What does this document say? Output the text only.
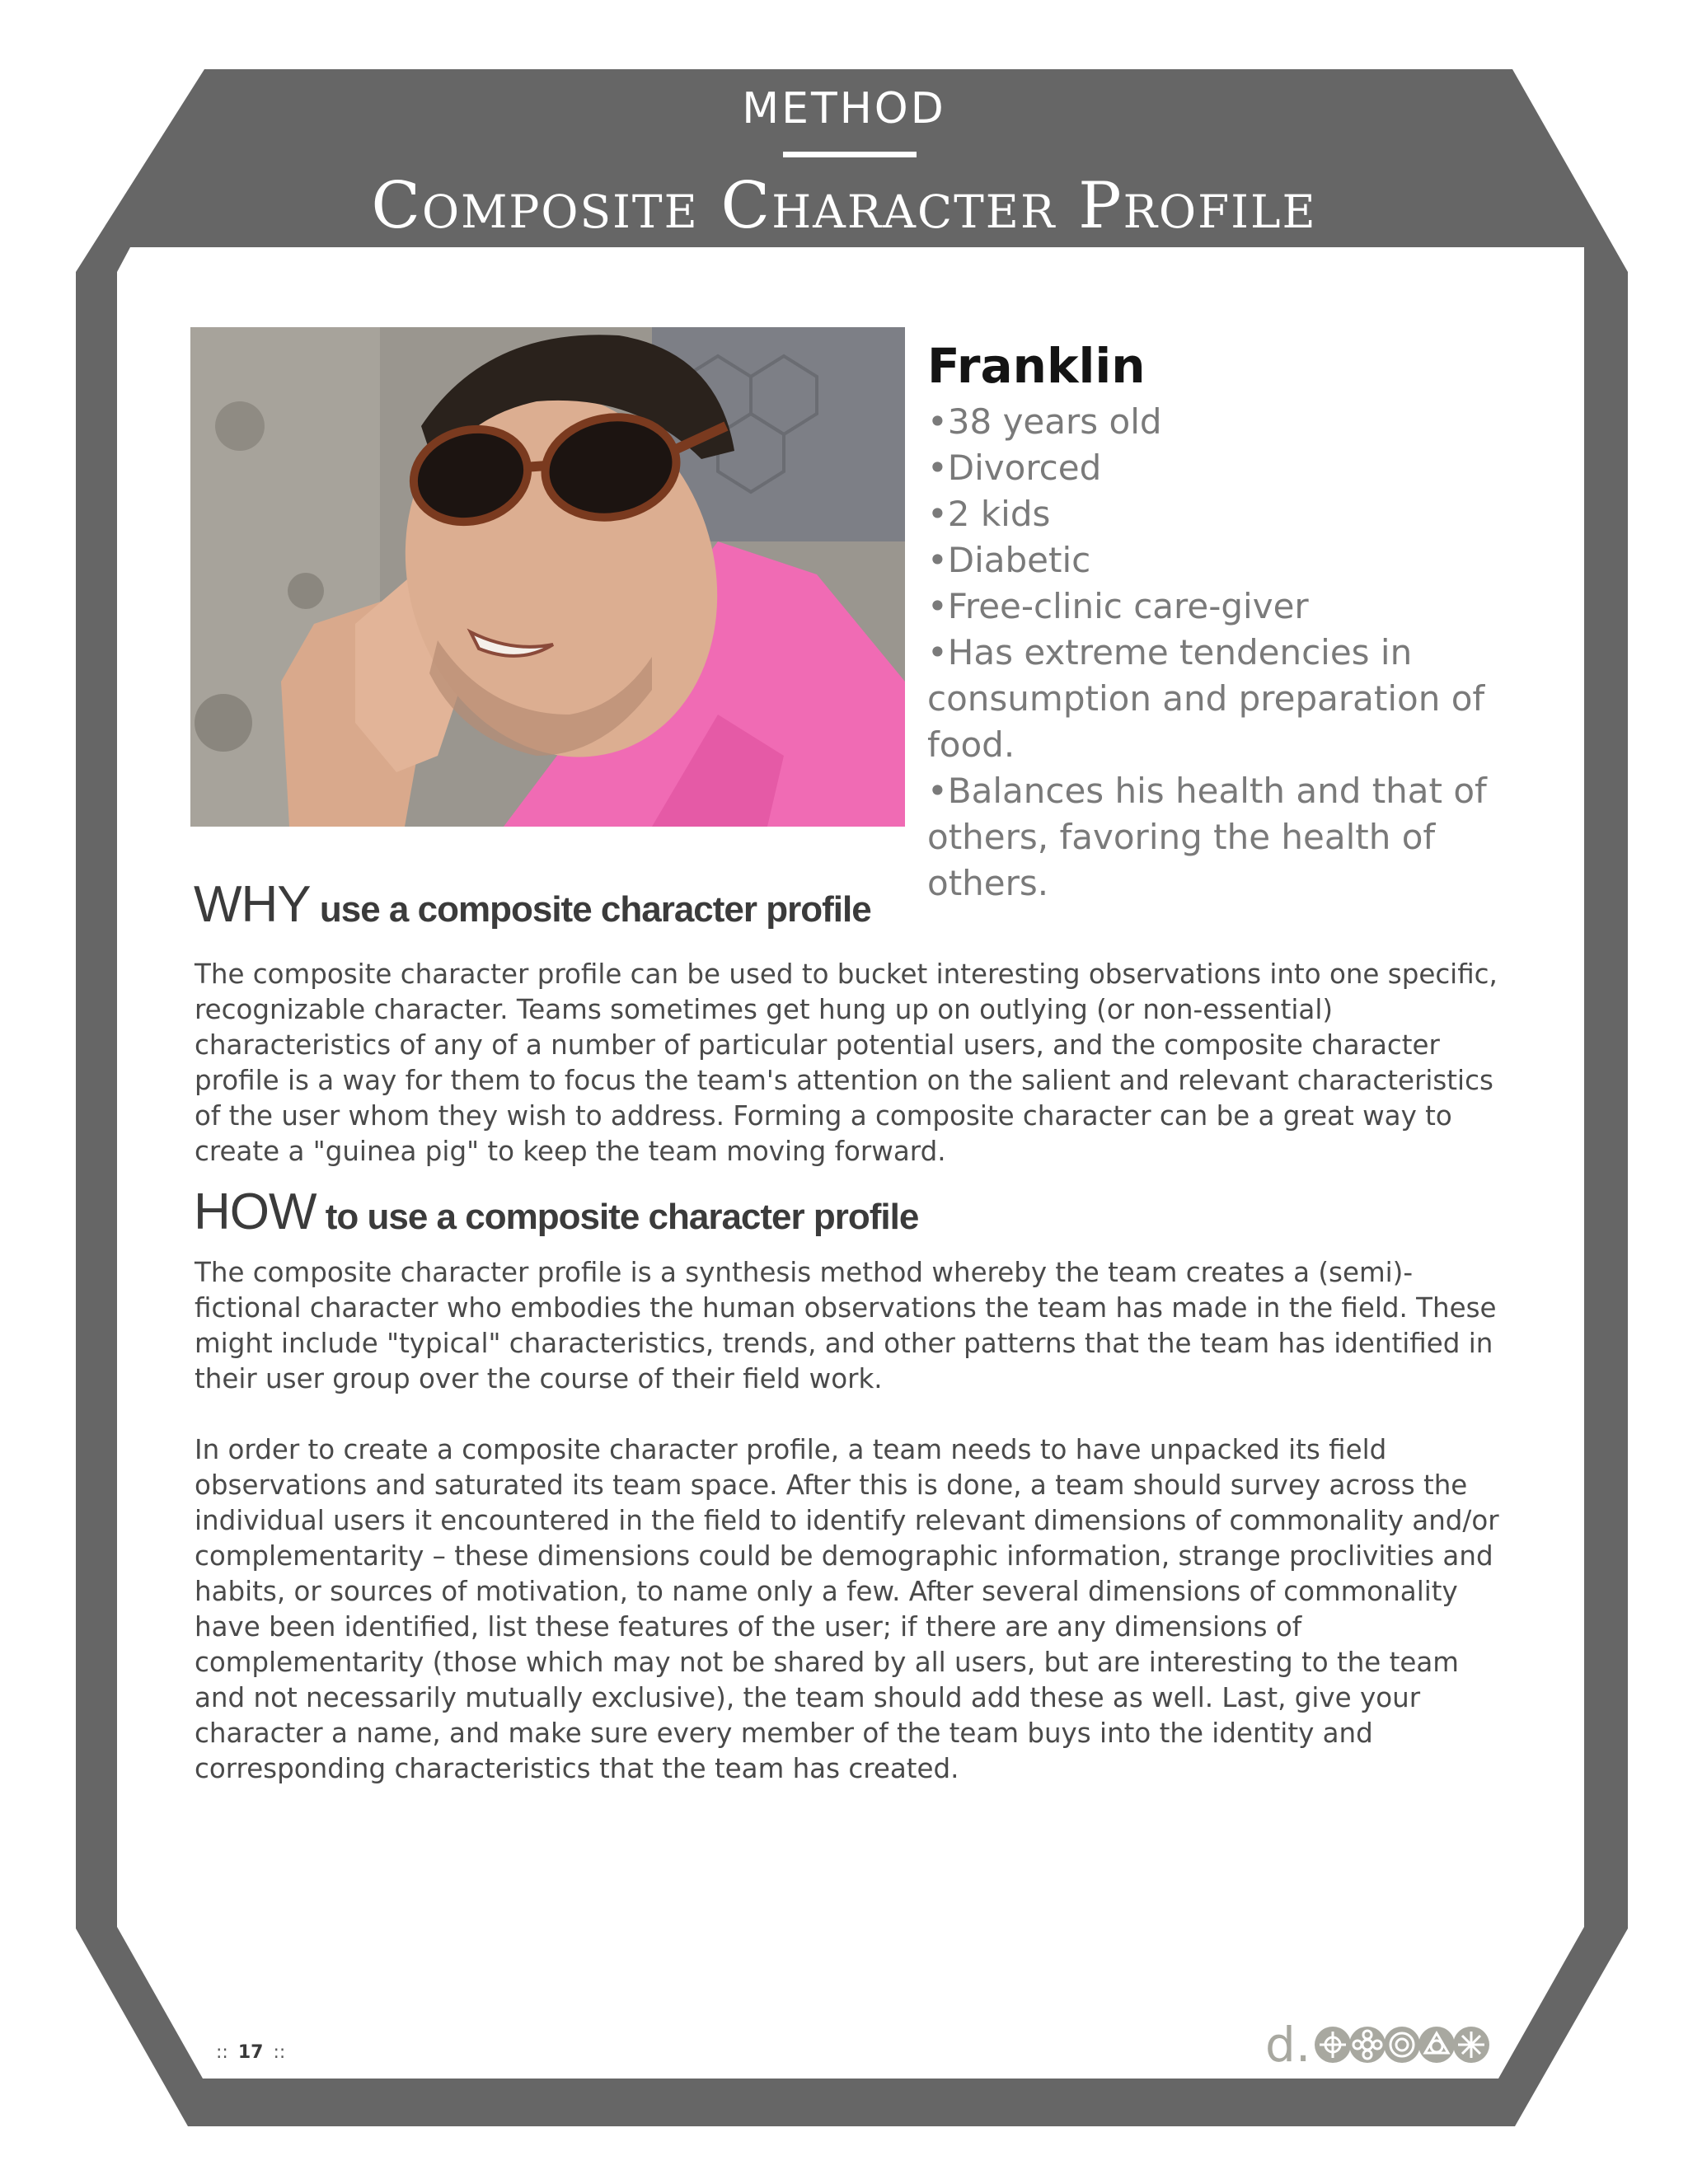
METHOD
Composite Character Profile
Franklin
•38 years old
•Divorced
•2 kids
•Diabetic
•Free-clinic care-giver
•Has extreme tendencies in consumption and preparation of food.
•Balances his health and that of others, favoring the health of others.
WHY use a composite character profile

The composite character profile can be used to bucket interesting observations into one specific, recognizable character. Teams sometimes get hung up on outlying (or non-essential) characteristics of any of a number of particular potential users, and the composite character profile is a way for them to focus the team's attention on the salient and relevant characteristics of the user whom they wish to address. Forming a composite character can be a great way to create a "guinea pig" to keep the team moving forward.

HOW to use a composite character profile

The composite character profile is a synthesis method whereby the team creates a (semi)-fictional character who embodies the human observations the team has made in the field. These might include "typical" characteristics, trends, and other patterns that the team has identified in their user group over the course of their field work.

In order to create a composite character profile, a team needs to have unpacked its field observations and saturated its team space. After this is done, a team should survey across the individual users it encountered in the field to identify relevant dimensions of commonality and/or complementarity – these dimensions could be demographic information, strange proclivities and habits, or sources of motivation, to name only a few. After several dimensions of commonality have been identified, list these features of the user; if there are any dimensions of complementarity (those which may not be shared by all users, but are interesting to the team and not necessarily mutually exclusive), the team should add these as well. Last, give your character a name, and make sure every member of the team buys into the identity and corresponding characteristics that the team has created.

:: 17 ::	d.
